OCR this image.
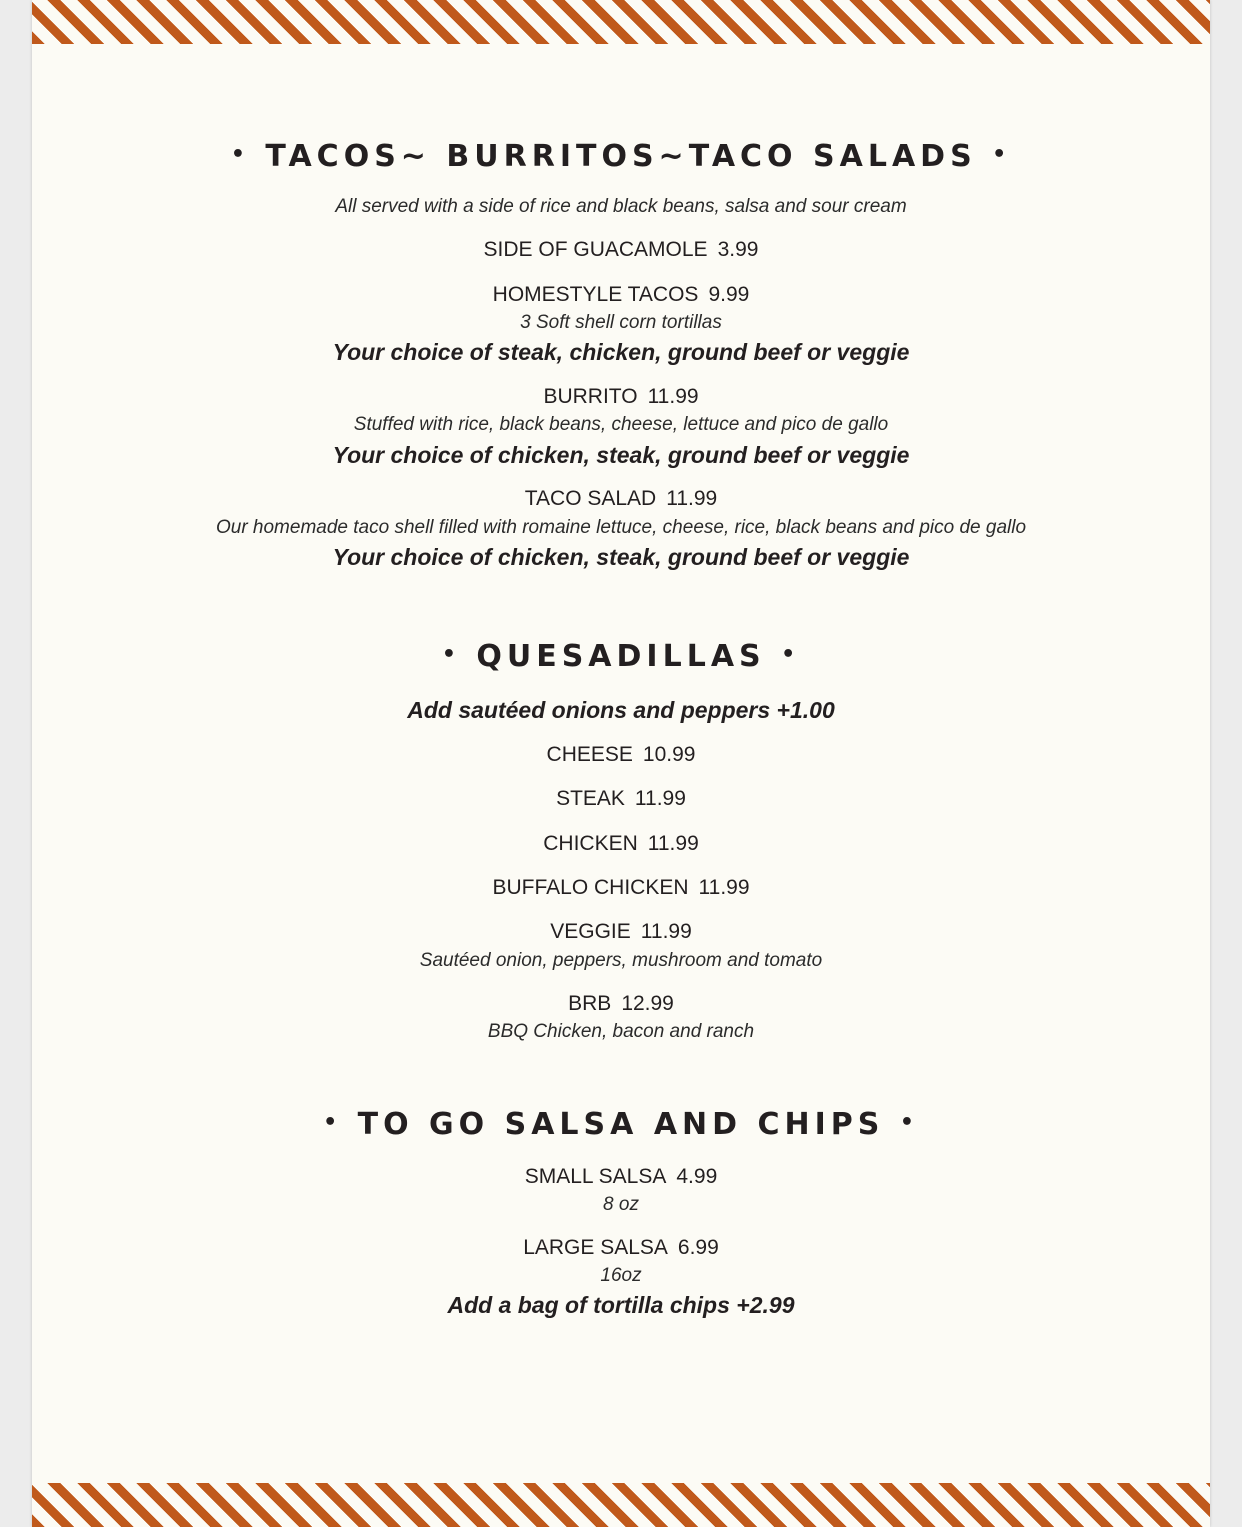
• TACOS~ BURRITOS~TACO SALADS •
All served with a side of rice and black beans, salsa and sour cream
SIDE OF GUACAMOLE 3.99
HOMESTYLE TACOS 9.99
3 Soft shell corn tortillas
Your choice of steak, chicken, ground beef or veggie
BURRITO 11.99
Stuffed with rice, black beans, cheese, lettuce and pico de gallo
Your choice of chicken, steak, ground beef or veggie
TACO SALAD 11.99
Our homemade taco shell filled with romaine lettuce, cheese, rice, black beans and pico de gallo
Your choice of chicken, steak, ground beef or veggie
• QUESADILLAS •
Add sautéed onions and peppers +1.00
CHEESE 10.99
STEAK 11.99
CHICKEN 11.99
BUFFALO CHICKEN 11.99
VEGGIE 11.99
Sautéed onion, peppers, mushroom and tomato
BRB 12.99
BBQ Chicken, bacon and ranch
• TO GO SALSA AND CHIPS •
SMALL SALSA 4.99
8 oz
LARGE SALSA 6.99
16oz
Add a bag of tortilla chips +2.99
